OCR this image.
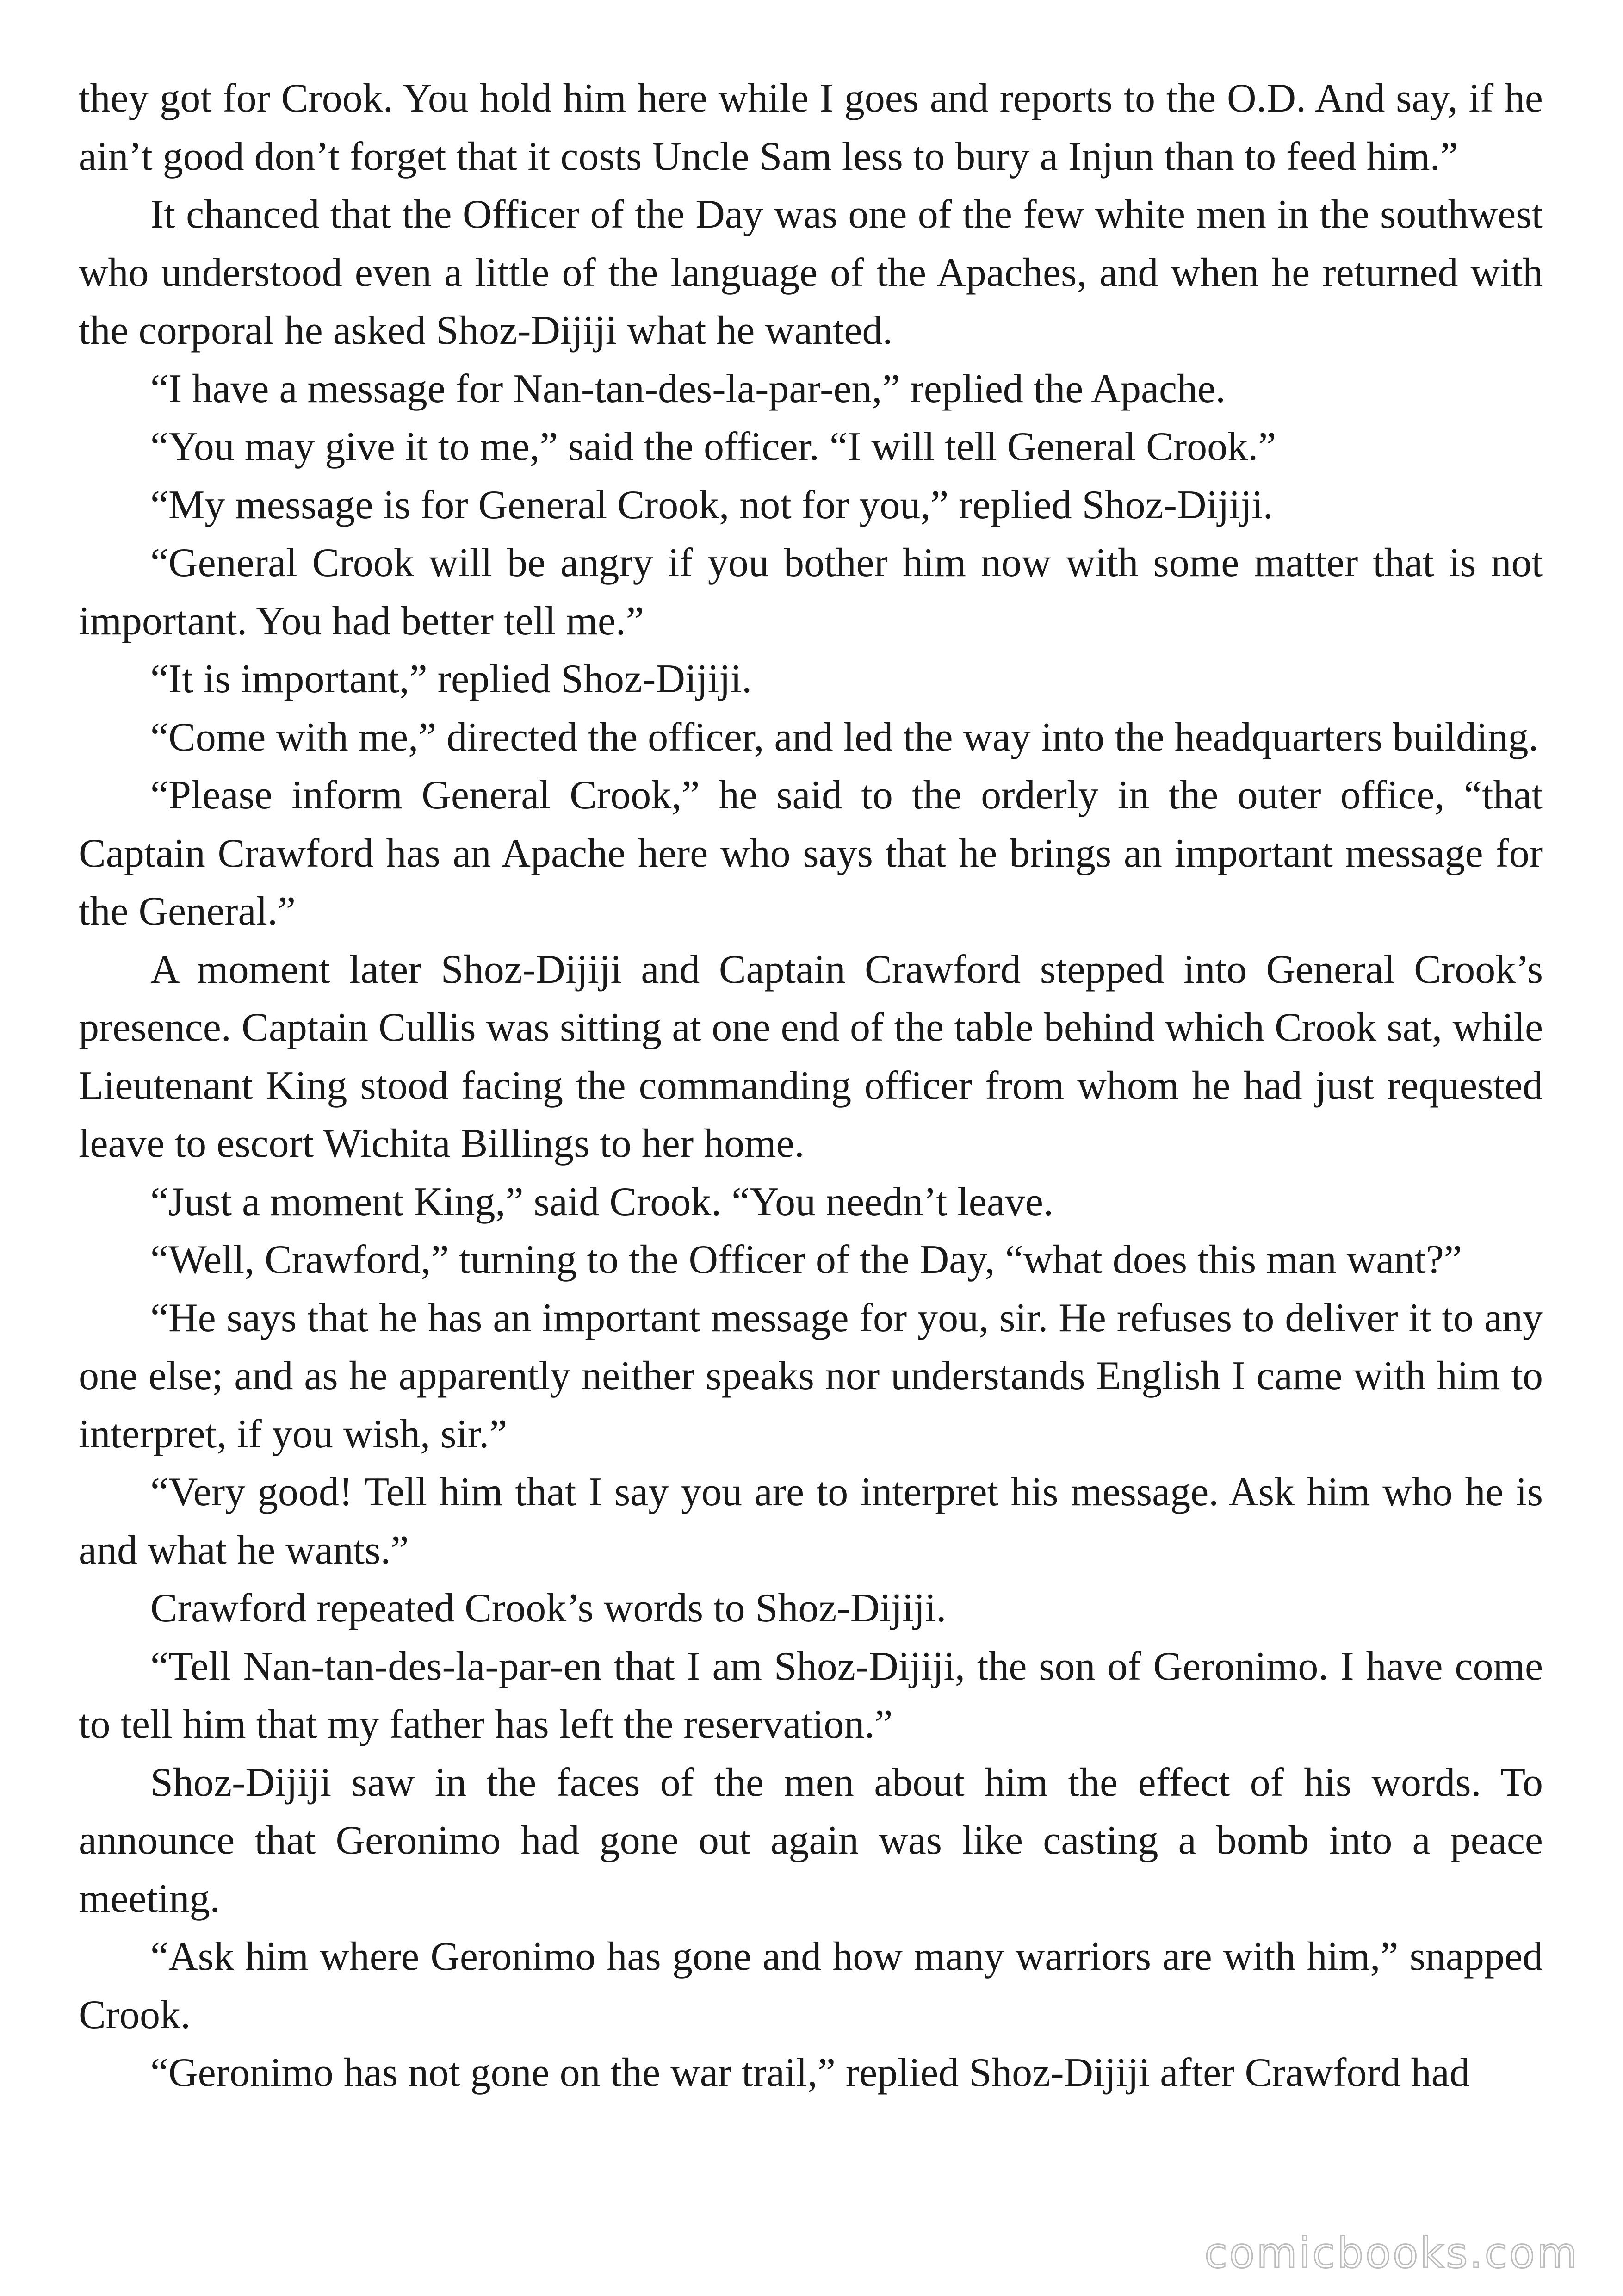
they got for Crook. You hold him here while I goes and reports to the O.D. And say, if he ain’t good don’t forget that it costs Uncle Sam less to bury a Injun than to feed him.”

It chanced that the Officer of the Day was one of the few white men in the southwest who understood even a little of the language of the Apaches, and when he returned with the corporal he asked Shoz-Dijiji what he wanted.

“I have a message for Nan-tan-des-la-par-en,” replied the Apache.

“You may give it to me,” said the officer. “I will tell General Crook.”

“My message is for General Crook, not for you,” replied Shoz-Dijiji.

“General Crook will be angry if you bother him now with some matter that is not important. You had better tell me.”

“It is important,” replied Shoz-Dijiji.

“Come with me,” directed the officer, and led the way into the headquarters building.

“Please inform General Crook,” he said to the orderly in the outer office, “that Captain Crawford has an Apache here who says that he brings an important message for the General.”

A moment later Shoz-Dijiji and Captain Crawford stepped into General Crook’s presence. Captain Cullis was sitting at one end of the table behind which Crook sat, while Lieutenant King stood facing the commanding officer from whom he had just requested leave to escort Wichita Billings to her home.

“Just a moment King,” said Crook. “You needn’t leave.

“Well, Crawford,” turning to the Officer of the Day, “what does this man want?”

“He says that he has an important message for you, sir. He refuses to deliver it to any one else; and as he apparently neither speaks nor understands English I came with him to interpret, if you wish, sir.”

“Very good! Tell him that I say you are to interpret his message. Ask him who he is and what he wants.”

Crawford repeated Crook’s words to Shoz-Dijiji.

“Tell Nan-tan-des-la-par-en that I am Shoz-Dijiji, the son of Geronimo. I have come to tell him that my father has left the reservation.”

Shoz-Dijiji saw in the faces of the men about him the effect of his words. To announce that Geronimo had gone out again was like casting a bomb into a peace meeting.

“Ask him where Geronimo has gone and how many warriors are with him,” snapped Crook.

“Geronimo has not gone on the war trail,” replied Shoz-Dijiji after Crawford had

comicbooks.com
